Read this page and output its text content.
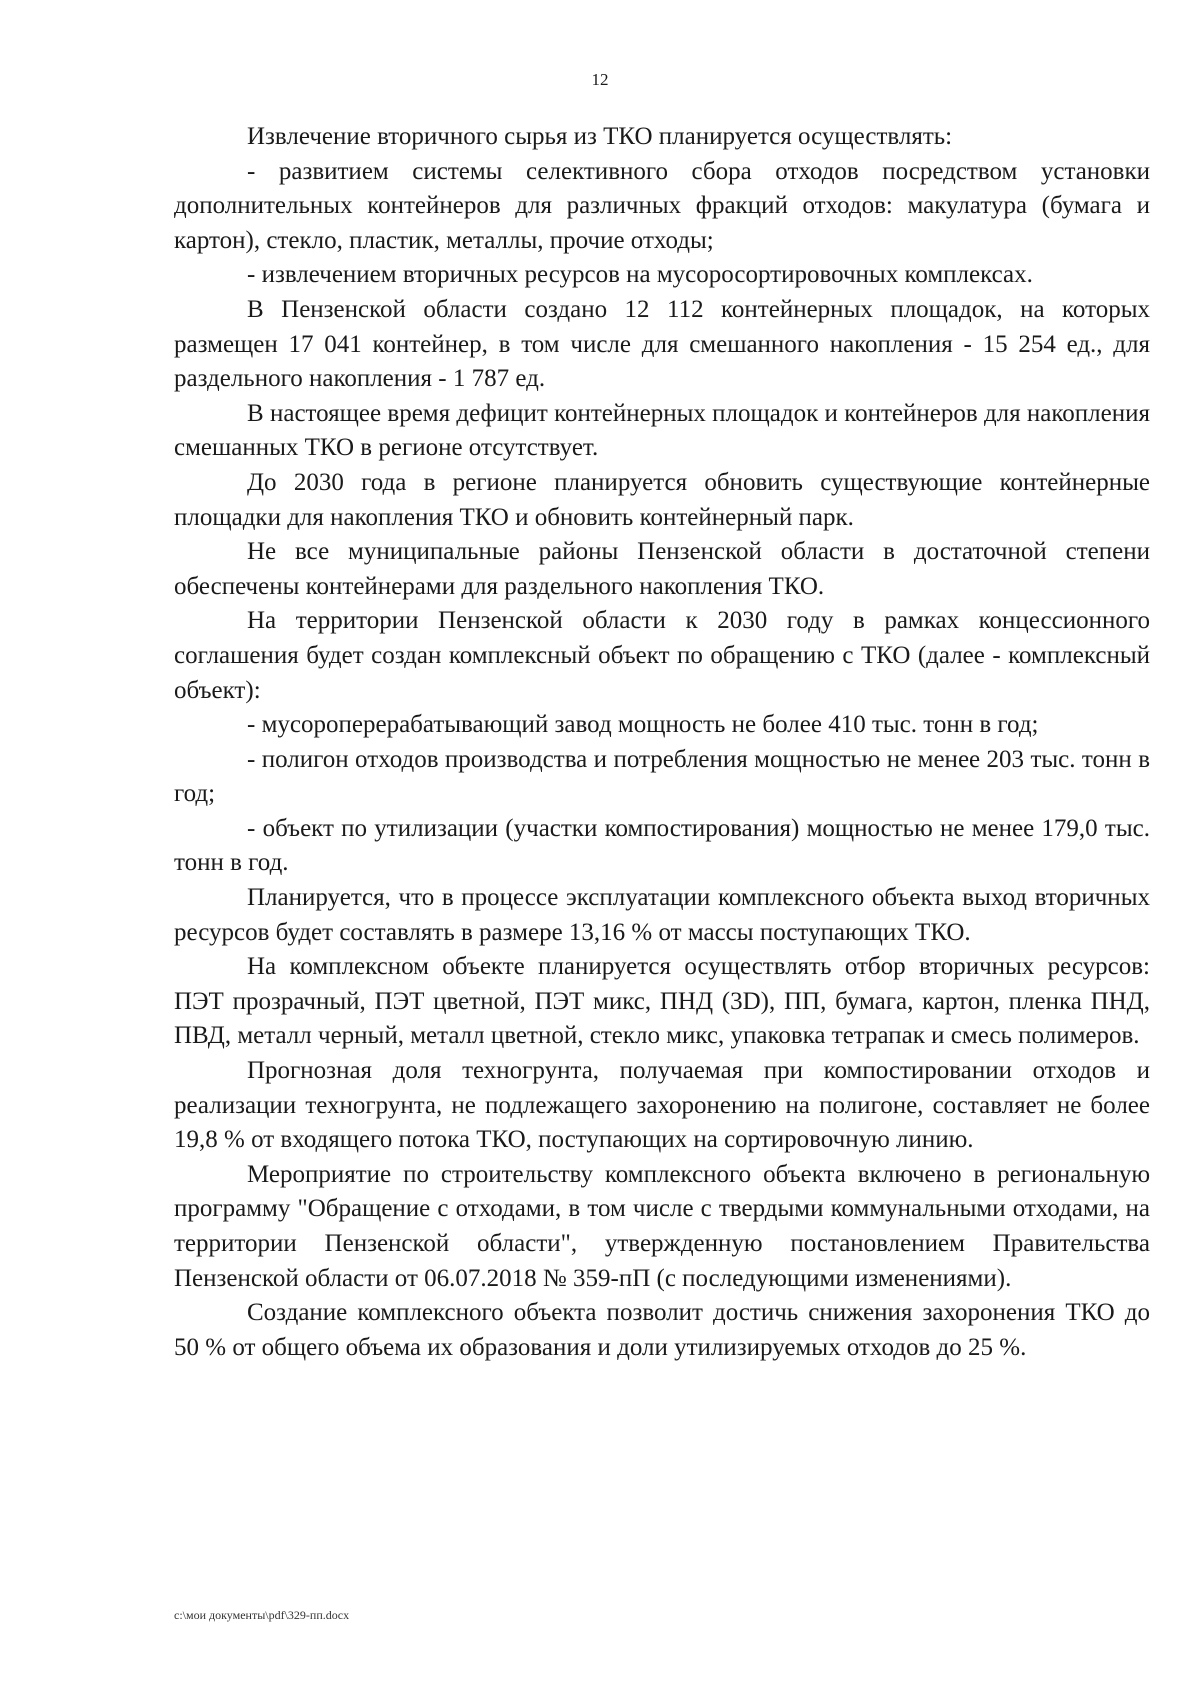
12

Извлечение вторичного сырья из ТКО планируется осуществлять:

- развитием системы селективного сбора отходов посредством установки дополнительных контейнеров для различных фракций отходов: макулатура (бумага и картон), стекло, пластик, металлы, прочие отходы;

- извлечением вторичных ресурсов на мусоросортировочных комплексах.

В Пензенской области создано 12 112 контейнерных площадок, на которых размещен 17 041 контейнер, в том числе для смешанного накопления - 15 254 ед., для раздельного накопления - 1 787 ед.

В настоящее время дефицит контейнерных площадок и контейнеров для накопления смешанных ТКО в регионе отсутствует.

До 2030 года в регионе планируется обновить существующие контейнерные площадки для накопления ТКО и обновить контейнерный парк.

Не все муниципальные районы Пензенской области в достаточной степени обеспечены контейнерами для раздельного накопления ТКО.

На территории Пензенской области к 2030 году в рамках концессионного соглашения будет создан комплексный объект по обращению с ТКО (далее - комплексный объект):

- мусороперерабатывающий завод мощность не более 410 тыс. тонн в год;

- полигон отходов производства и потребления мощностью не менее 203 тыс. тонн в год;

- объект по утилизации (участки компостирования) мощностью не менее 179,0 тыс. тонн в год.

Планируется, что в процессе эксплуатации комплексного объекта выход вторичных ресурсов будет составлять в размере 13,16 % от массы поступающих ТКО.

На комплексном объекте планируется осуществлять отбор вторичных ресурсов: ПЭТ прозрачный, ПЭТ цветной, ПЭТ микс, ПНД (3D), ПП, бумага, картон, пленка ПНД, ПВД, металл черный, металл цветной, стекло микс, упаковка тетрапак и смесь полимеров.

Прогнозная доля техногрунта, получаемая при компостировании отходов и реализации техногрунта, не подлежащего захоронению на полигоне, составляет не более 19,8 % от входящего потока ТКО, поступающих на сортировочную линию.

Мероприятие по строительству комплексного объекта включено в региональную программу "Обращение с отходами, в том числе с твердыми коммунальными отходами, на территории Пензенской области", утвержденную постановлением Правительства Пензенской области от 06.07.2018 № 359-пП (с последующими изменениями).

Создание комплексного объекта позволит достичь снижения захоронения ТКО до 50 % от общего объема их образования и доли утилизируемых отходов до 25 %.

c:\мои документы\pdf\329-пп.docx
